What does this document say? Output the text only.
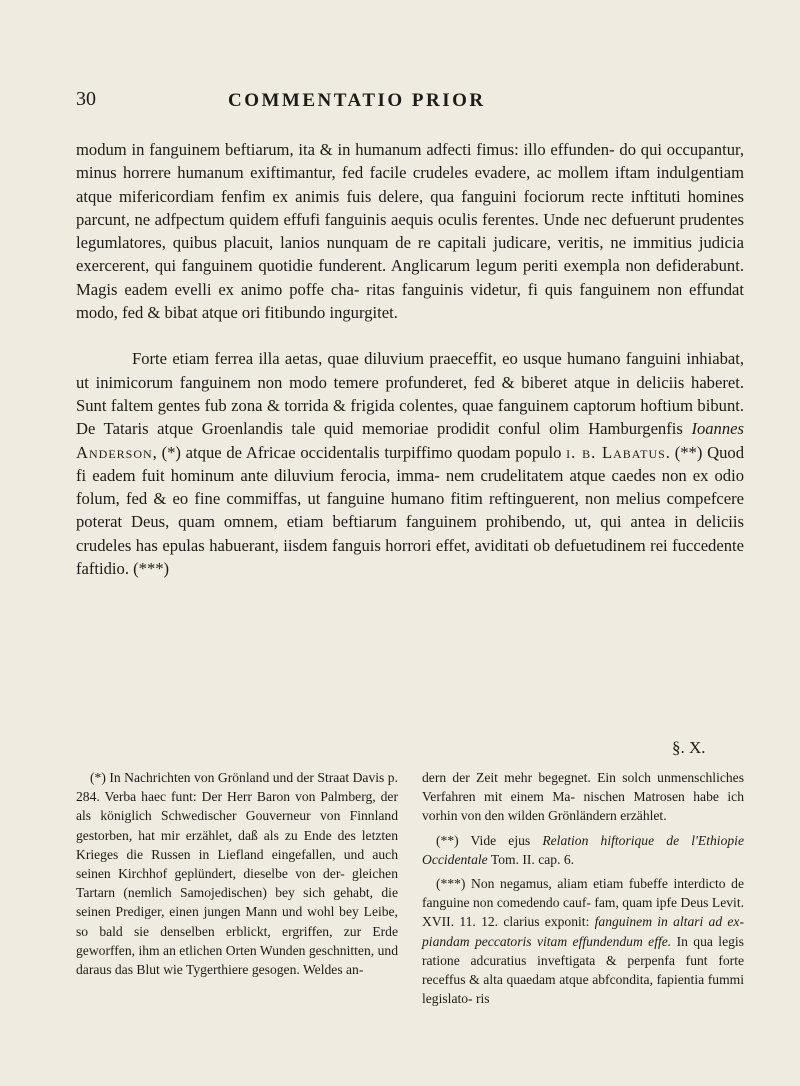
30	COMMENTATIO PRIOR

modum in fanguinem beftiarum, ita & in humanum adfecti fimus: illo effunden- do qui occupantur, minus horrere humanum exiftimantur, fed facile crudeles evadere, ac mollem iftam indulgentiam atque mifericordiam fenfim ex animis fuis delere, qua fanguini fociorum recte inftituti homines parcunt, ne adfpectum quidem effufi fanguinis aequis oculis ferentes. Unde nec defuerunt prudentes legumlatores, quibus placuit, lanios nunquam de re capitali judicare, veritis, ne immitius judicia exercerent, qui fanguinem quotidie funderent. Anglicarum legum periti exempla non defiderabunt. Magis eadem evelli ex animo poffe cha- ritas fanguinis videtur, fi quis fanguinem non effundat modo, fed & bibat atque ori fitibundo ingurgitet.

Forte etiam ferrea illa aetas, quae diluvium praeceffit, eo usque humano fanguini inhiabat, ut inimicorum fanguinem non modo temere profunderet, fed & biberet atque in deliciis haberet. Sunt faltem gentes fub zona & torrida & frigida colentes, quae fanguinem captorum hoftium bibunt. De Tataris atque Groenlandis tale quid memoriae prodidit conful olim Hamburgenfis Ioannes Anderson, (*) atque de Africae occidentalis turpiffimo quodam populo i. b. Labatus. (**) Quod fi eadem fuit hominum ante diluvium ferocia, imma- nem crudelitatem atque caedes non ex odio folum, fed & eo fine commiffas, ut fanguine humano fitim reftinguerent, non melius compefcere poterat Deus, quam omnem, etiam beftiarum fanguinem prohibendo, ut, qui antea in deliciis crudeles has epulas habuerant, iisdem fanguis horrori effet, aviditati ob defuetudinem rei fuccedente faftidio. (***)

§. X.

(*) In Nachrichten von Grönland und der Straat Davis p. 284. Verba haec funt: Der Herr Baron von Palmberg, der als königlich Schwedischer Gouverneur von Finnland gestorben, hat mir erzählet, daß als zu Ende des letzten Krieges die Russen in Liefland eingefallen, und auch seinen Kirchhof geplündert, dieselbe von der- gleichen Tartarn (nemlich Samojedischen) bey sich gehabt, die seinen Prediger, einen jungen Mann und wohl bey Leibe, so bald sie denselben erblickt, ergriffen, zur Erde geworffen, ihm an etlichen Orten Wunden geschnitten, und daraus das Blut wie Tygerthiere gesogen. Weldes an-

dern der Zeit mehr begegnet. Ein solch unmenschliches Verfahren mit einem Ma- nischen Matrosen habe ich vorhin von den wilden Grönländern erzählet.

(**) Vide ejus Relation hiftorique de l'Ethiopie Occidentale Tom. II. cap. 6.

(***) Non negamus, aliam etiam fubeffe interdicto de fanguine non comedendo cauf- fam, quam ipfe Deus Levit. XVII. 11. 12. clarius exponit: fanguinem in altari ad ex- piandam peccatoris vitam effundendum effe. In qua legis ratione adcuratius inveftigata & perpenfa funt forte receffus & alta quaedam atque abfcondita, fapientia fummi legislato- ris
